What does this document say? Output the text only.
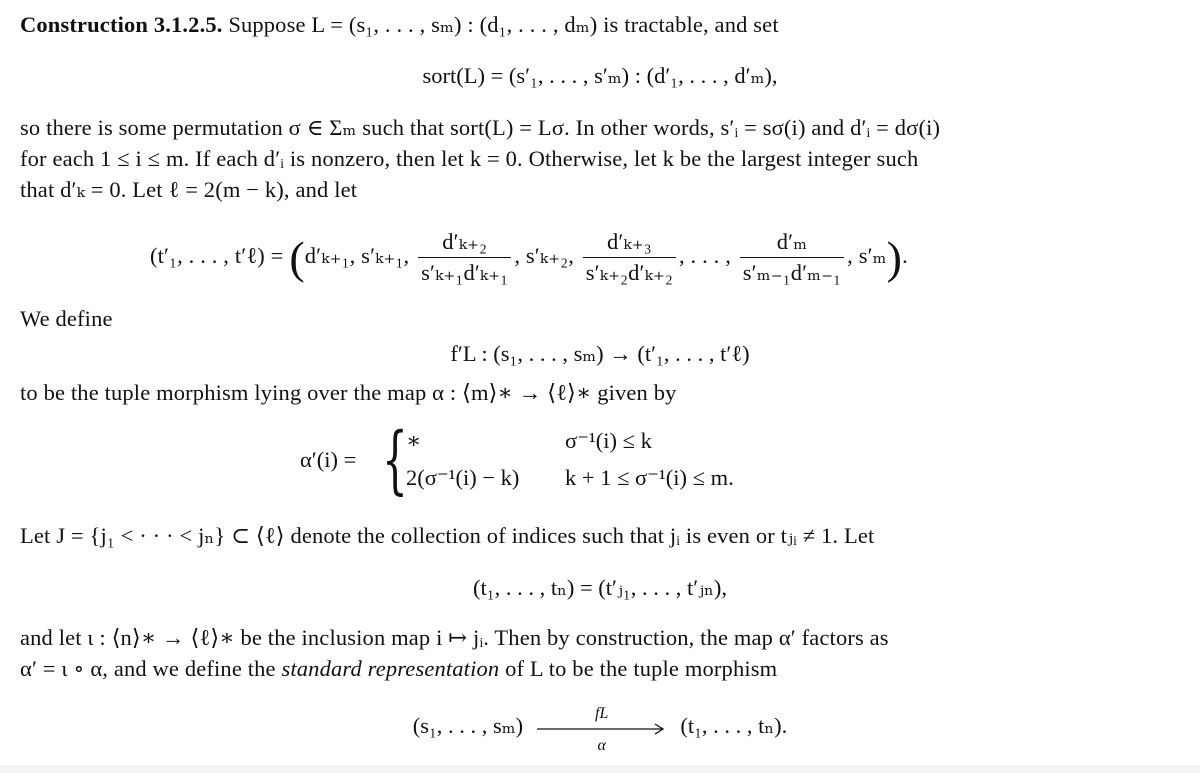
Construction 3.1.2.5. Suppose L = (s₁, . . . , sₘ) : (d₁, . . . , dₘ) is tractable, and set
sort(L) = (s′₁, . . . , s′ₘ) : (d′₁, . . . , d′ₘ),
so there is some permutation σ ∈ Σₘ such that sort(L) = Lσ. In other words, s′ᵢ = sσ(i) and d′ᵢ = dσ(i)
for each 1 ≤ i ≤ m. If each d′ᵢ is nonzero, then let k = 0. Otherwise, let k be the largest integer such
that d′ₖ = 0. Let ℓ = 2(m − k), and let
(t′₁, . . . , t′ℓ) = (d′ₖ₊₁, s′ₖ₊₁, $\frac{\text{d′ₖ₊₂}}{\text{s′ₖ₊₁d′ₖ₊₁}}$ , s′ₖ₊₂, $\frac{\text{d′ₖ₊₃}}{\text{s′ₖ₊₂d′ₖ₊₂}}$ , . . . , $\frac{\text{d′ₘ}}{\text{s′ₘ₋₁d′ₘ₋₁}}$ , s′ₘ).
We define
f′L : (s₁, . . . , sₘ) → (t′₁, . . . , t′ℓ)
to be the tuple morphism lying over the map α : ⟨m⟩∗ → ⟨ℓ⟩∗ given by
α′(i) = {
∗	σ⁻¹(i) ≤ k
2(σ⁻¹(i) − k) k + 1 ≤ σ⁻¹(i) ≤ m.
Let J = {j₁ < · · · < jₙ} ⊂ ⟨ℓ⟩ denote the collection of indices such that jᵢ is even or tⱼᵢ ≠ 1. Let
(t₁, . . . , tₙ) = (t′ⱼ₁, . . . , t′ⱼₙ),
and let ι : ⟨n⟩∗ → ⟨ℓ⟩∗ be the inclusion map i ↦ jᵢ. Then by construction, the map α′ factors as
α′ = ι ∘ α, and we define the standard representation of L to be the tuple morphism
(s₁, . . . , sₘ)	fL
α
(t₁, . . . , tₙ).
